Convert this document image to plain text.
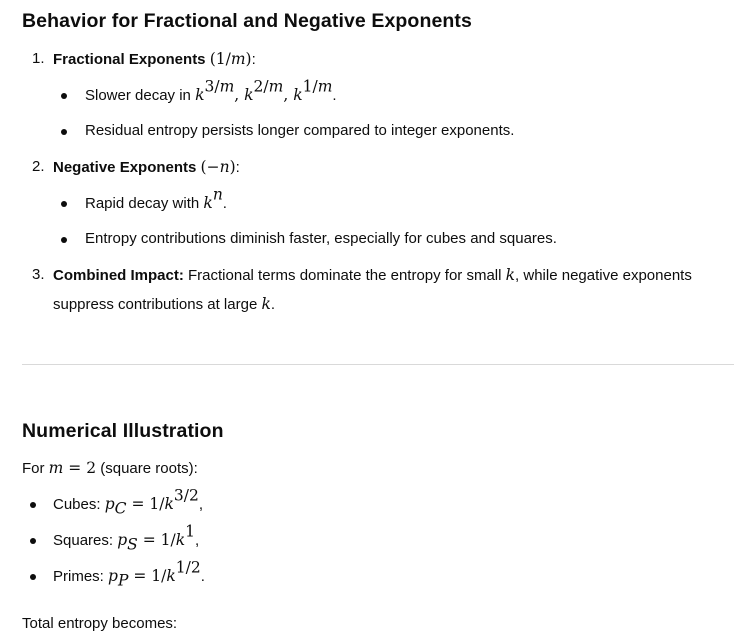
Behavior for Fractional and Negative Exponents
1. Fractional Exponents (1/m):
Slower decay in $k^{3/m}$, $k^{2/m}$, $k^{1/m}$.
Residual entropy persists longer compared to integer exponents.
2. Negative Exponents (−n):
Rapid decay with $k^n$.
Entropy contributions diminish faster, especially for cubes and squares.
3. Combined Impact: Fractional terms dominate the entropy for small k, while negative exponents suppress contributions at large k.
Numerical Illustration
For m = 2 (square roots):
Cubes: $p_C = 1/k^{3/2}$,
Squares: $p_S = 1/k^1$,
Primes: $p_P = 1/k^{1/2}$.
Total entropy becomes:
